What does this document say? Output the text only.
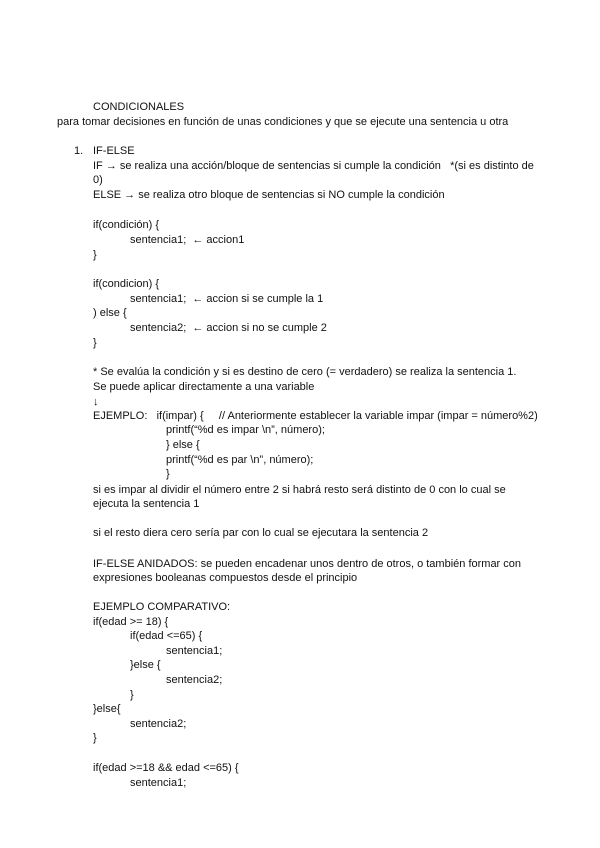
CONDICIONALES
para tomar decisiones en función de unas condiciones y que se ejecute una sentencia u otra
1. IF-ELSE
IF → se realiza una acción/bloque de sentencias si cumple la condición   *(si es distinto de
0)
ELSE → se realiza otro bloque de sentencias si NO cumple la condición
if(condición) {
sentencia1;  ← accion1
}
if(condicion) {
sentencia1;  ← accion si se cumple la 1
) else {
sentencia2;  ← accion si no se cumple 2
}
* Se evalúa la condición y si es destino de cero (= verdadero) se realiza la sentencia 1.
Se puede aplicar directamente a una variable
↓
EJEMPLO:   if(impar) {     // Anteriormente establecer la variable impar (impar = número%2)
printf(“%d es impar \n”, número);
} else {
printf(“%d es par \n”, número);
}
si es impar al dividir el número entre 2 si habrá resto será distinto de 0 con lo cual se
ejecuta la sentencia 1
si el resto diera cero sería par con lo cual se ejecutara la sentencia 2
IF-ELSE ANIDADOS: se pueden encadenar unos dentro de otros, o también formar con
expresiones booleanas compuestos desde el principio
EJEMPLO COMPARATIVO:
if(edad >= 18) {
if(edad <=65) {
sentencia1;
}else {
sentencia2;
}
}else{
sentencia2;
}
if(edad >=18 && edad <=65) {
sentencia1;
